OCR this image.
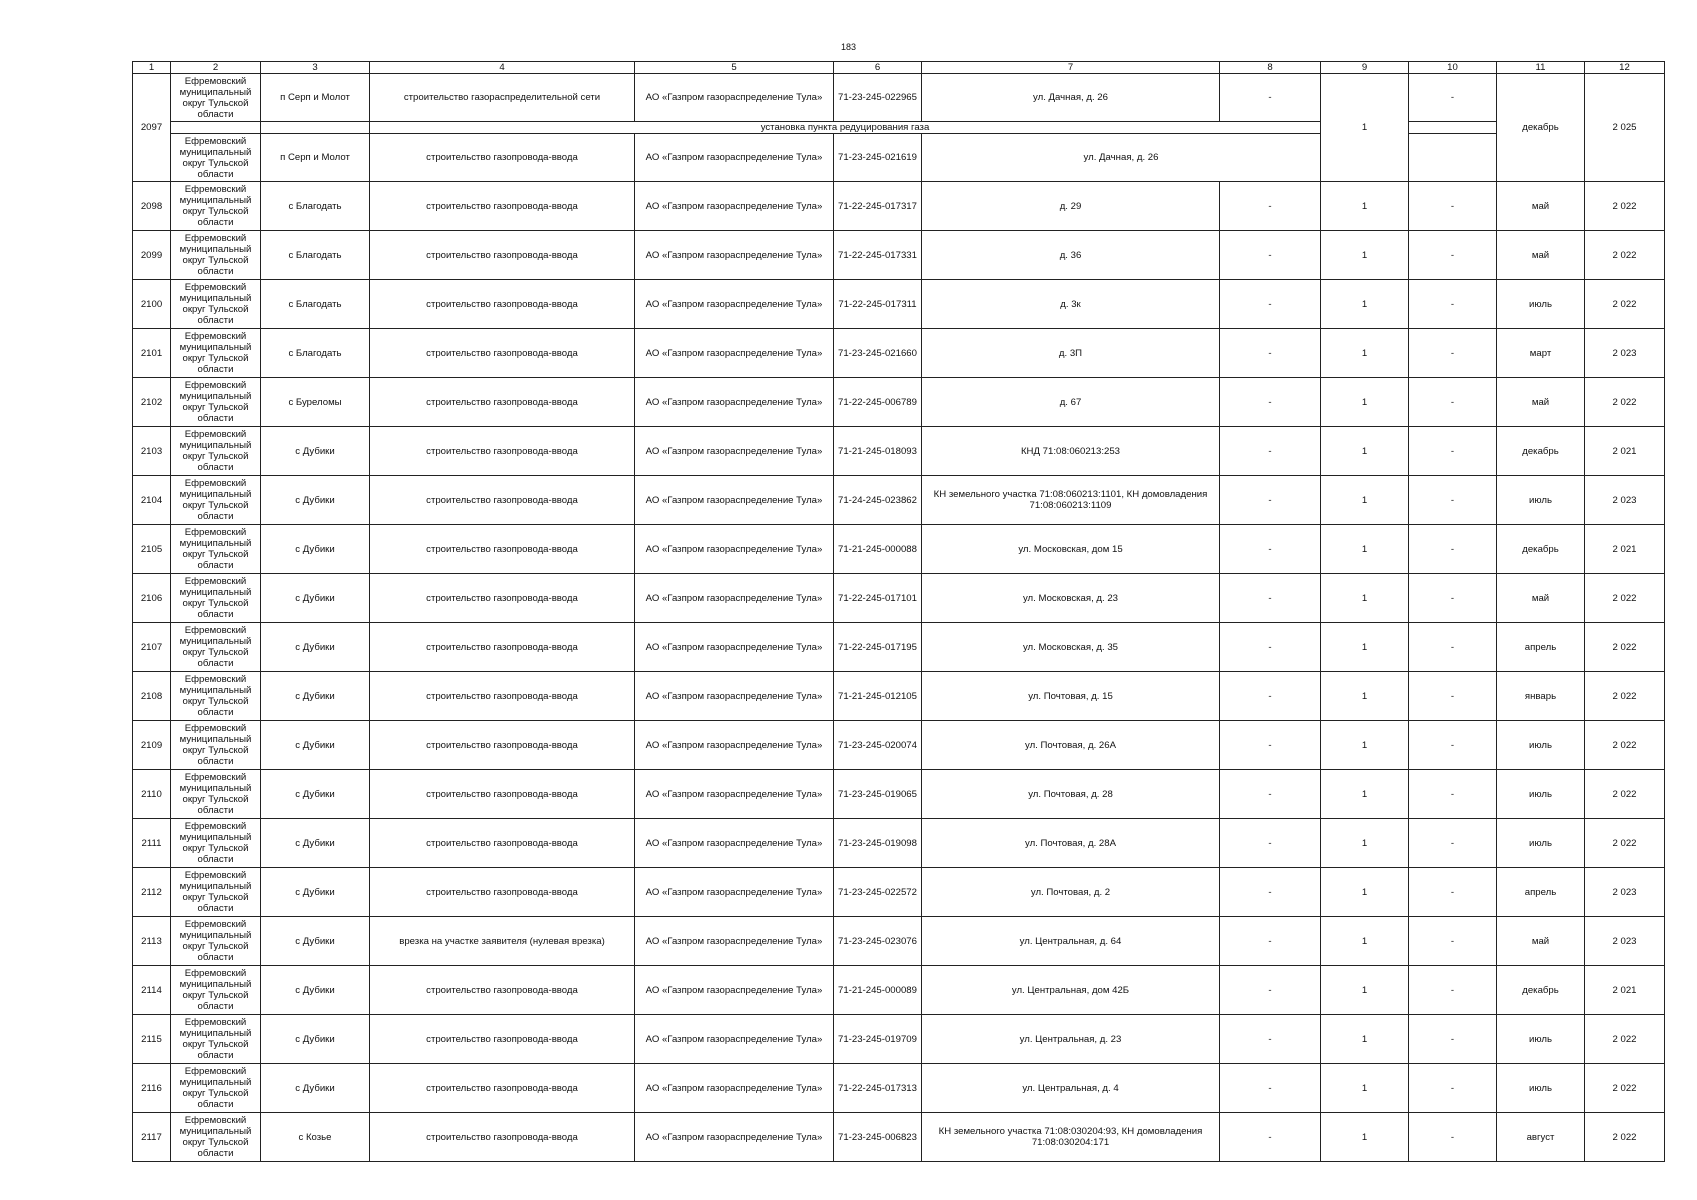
183
1	2	3	4	5	6	7	8	9	10	11	12
2097	Ефремовский муниципальный округ Тульской области	п Серп и Молот	строительство газораспределительной сети	АО «Газпром газораспределение Тула»	71-23-245-022965	ул. Дачная, д. 26	-	1	-	декабрь	2 025
			установка пункта редуцирования газа								
	Ефремовский муниципальный округ Тульской области	п Серп и Молот	строительство газопровода-ввода	АО «Газпром газораспределение Тула»	71-23-245-021619	ул. Дачная, д. 26					
2098	Ефремовский муниципальный округ Тульской области	с Благодать	строительство газопровода-ввода	АО «Газпром газораспределение Тула»	71-22-245-017317	д. 29	-	1	-	май	2 022
2099	Ефремовский муниципальный округ Тульской области	с Благодать	строительство газопровода-ввода	АО «Газпром газораспределение Тула»	71-22-245-017331	д. 36	-	1	-	май	2 022
2100	Ефремовский муниципальный округ Тульской области	с Благодать	строительство газопровода-ввода	АО «Газпром газораспределение Тула»	71-22-245-017311	д. 3к	-	1	-	июль	2 022
2101	Ефремовский муниципальный округ Тульской области	с Благодать	строительство газопровода-ввода	АО «Газпром газораспределение Тула»	71-23-245-021660	д. 3П	-	1	-	март	2 023
2102	Ефремовский муниципальный округ Тульской области	с Буреломы	строительство газопровода-ввода	АО «Газпром газораспределение Тула»	71-22-245-006789	д. 67	-	1	-	май	2 022
2103	Ефремовский муниципальный округ Тульской области	с Дубики	строительство газопровода-ввода	АО «Газпром газораспределение Тула»	71-21-245-018093	КНД 71:08:060213:253	-	1	-	декабрь	2 021
2104	Ефремовский муниципальный округ Тульской области	с Дубики	строительство газопровода-ввода	АО «Газпром газораспределение Тула»	71-24-245-023862	КН земельного участка 71:08:060213:1101, КН домовладения 71:08:060213:1109	-	1	-	июль	2 023
2105	Ефремовский муниципальный округ Тульской области	с Дубики	строительство газопровода-ввода	АО «Газпром газораспределение Тула»	71-21-245-000088	ул. Московская, дом 15	-	1	-	декабрь	2 021
2106	Ефремовский муниципальный округ Тульской области	с Дубики	строительство газопровода-ввода	АО «Газпром газораспределение Тула»	71-22-245-017101	ул. Московская, д. 23	-	1	-	май	2 022
2107	Ефремовский муниципальный округ Тульской области	с Дубики	строительство газопровода-ввода	АО «Газпром газораспределение Тула»	71-22-245-017195	ул. Московская, д. 35	-	1	-	апрель	2 022
2108	Ефремовский муниципальный округ Тульской области	с Дубики	строительство газопровода-ввода	АО «Газпром газораспределение Тула»	71-21-245-012105	ул. Почтовая, д. 15	-	1	-	январь	2 022
2109	Ефремовский муниципальный округ Тульской области	с Дубики	строительство газопровода-ввода	АО «Газпром газораспределение Тула»	71-23-245-020074	ул. Почтовая, д. 26А	-	1	-	июль	2 022
2110	Ефремовский муниципальный округ Тульской области	с Дубики	строительство газопровода-ввода	АО «Газпром газораспределение Тула»	71-23-245-019065	ул. Почтовая, д. 28	-	1	-	июль	2 022
2111	Ефремовский муниципальный округ Тульской области	с Дубики	строительство газопровода-ввода	АО «Газпром газораспределение Тула»	71-23-245-019098	ул. Почтовая, д. 28А	-	1	-	июль	2 022
2112	Ефремовский муниципальный округ Тульской области	с Дубики	строительство газопровода-ввода	АО «Газпром газораспределение Тула»	71-23-245-022572	ул. Почтовая, д. 2	-	1	-	апрель	2 023
2113	Ефремовский муниципальный округ Тульской области	с Дубики	врезка на участке заявителя (нулевая врезка)	АО «Газпром газораспределение Тула»	71-23-245-023076	ул. Центральная, д. 64	-	1	-	май	2 023
2114	Ефремовский муниципальный округ Тульской области	с Дубики	строительство газопровода-ввода	АО «Газпром газораспределение Тула»	71-21-245-000089	ул. Центральная, дом 42Б	-	1	-	декабрь	2 021
2115	Ефремовский муниципальный округ Тульской области	с Дубики	строительство газопровода-ввода	АО «Газпром газораспределение Тула»	71-23-245-019709	ул. Центральная, д. 23	-	1	-	июль	2 022
2116	Ефремовский муниципальный округ Тульской области	с Дубики	строительство газопровода-ввода	АО «Газпром газораспределение Тула»	71-22-245-017313	ул. Центральная, д. 4	-	1	-	июль	2 022
2117	Ефремовский муниципальный округ Тульской области	с Козье	строительство газопровода-ввода	АО «Газпром газораспределение Тула»	71-23-245-006823	КН земельного участка 71:08:030204:93, КН домовладения 71:08:030204:171	-	1	-	август	2 022
